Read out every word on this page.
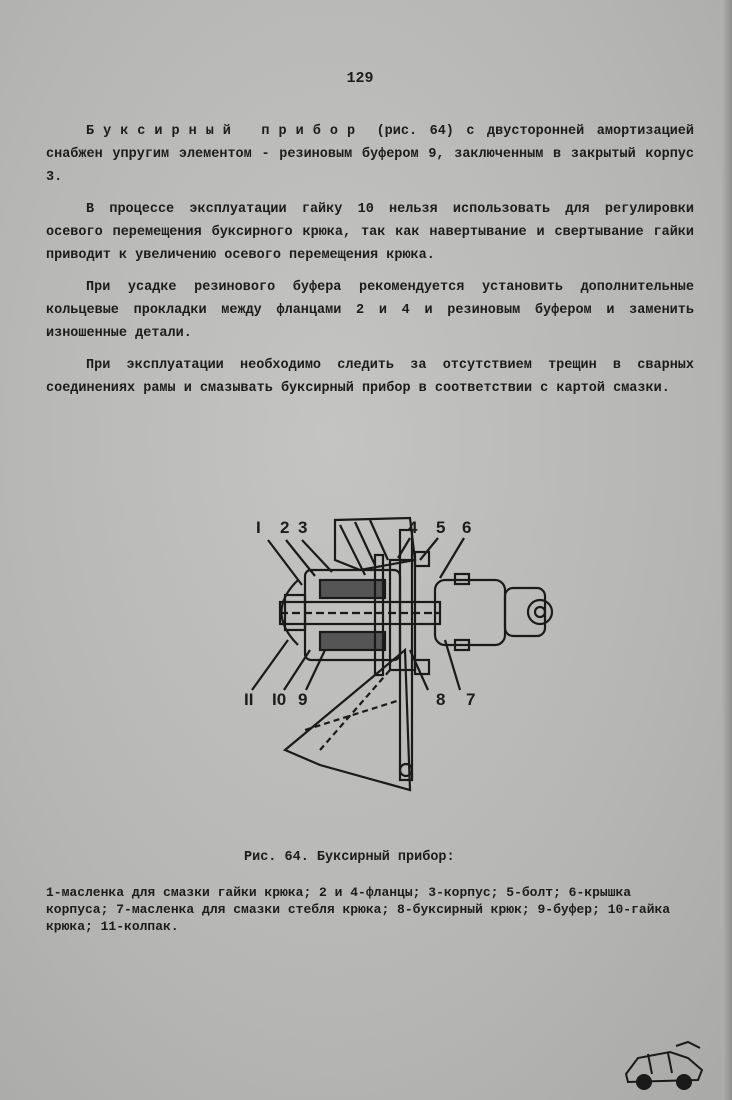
129

Буксирный прибор (рис. 64) с двусторонней амортизацией снабжен упругим элементом - резиновым буфером 9, заключенным в закрытый корпус 3.

В процессе эксплуатации гайку 10 нельзя использовать для регулировки осевого перемещения буксирного крюка, так как навертывание и свертывание гайки приводит к увеличению осевого перемещения крюка.

При усадке резинового буфера рекомендуется установить дополнительные кольцевые прокладки между фланцами 2 и 4 и резиновым буфером и заменить изношенные детали.

При эксплуатации необходимо следить за отсутствием трещин в сварных соединениях рамы и смазывать буксирный прибор в соответствии с картой смазки.

I 2 3	4 5 6
II I0 9	8 7
Рис. 64. Буксирный прибор:
1-масленка для смазки гайки крюка; 2 и 4-фланцы; 3-корпус; 5-болт; 6-крышка корпуса; 7-масленка для смазки стебля крюка; 8-буксирный крюк; 9-буфер; 10-гайка крюка; 11-колпак.
